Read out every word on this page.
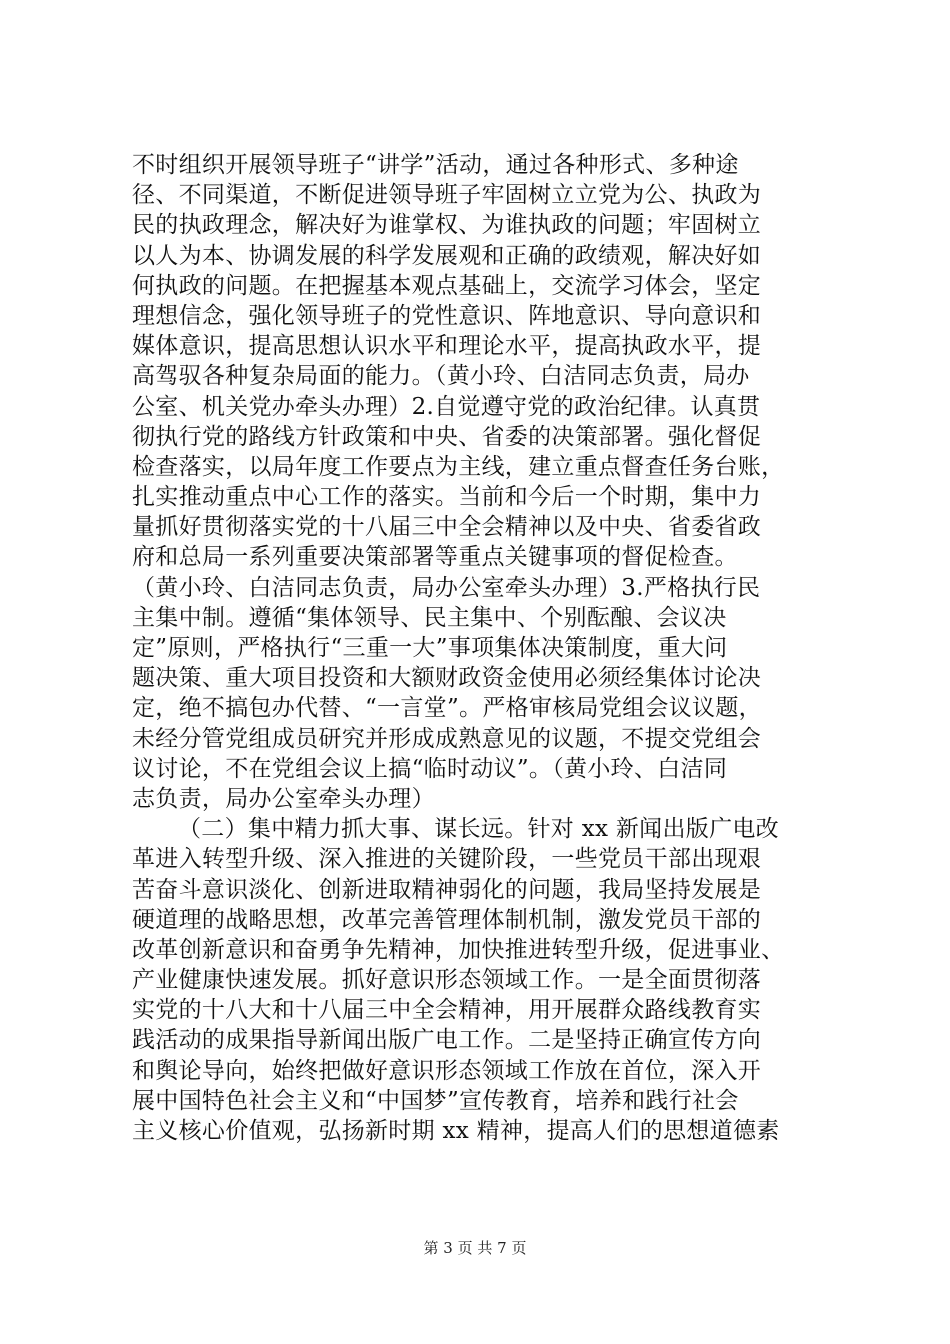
不时组织开展领导班子“讲学”活动，通过各种形式、多种途
径、不同渠道，不断促进领导班子牢固树立立党为公、执政为
民的执政理念，解决好为谁掌权、为谁执政的问题；牢固树立
以人为本、协调发展的科学发展观和正确的政绩观，解决好如
何执政的问题。在把握基本观点基础上，交流学习体会，坚定
理想信念，强化领导班子的党性意识、阵地意识、导向意识和
媒体意识，提高思想认识水平和理论水平，提高执政水平，提
高驾驭各种复杂局面的能力。（黄小玲、白洁同志负责，局办
公室、机关党办牵头办理）2.自觉遵守党的政治纪律。认真贯
彻执行党的路线方针政策和中央、省委的决策部署。强化督促
检查落实，以局年度工作要点为主线，建立重点督查任务台账，
扎实推动重点中心工作的落实。当前和今后一个时期，集中力
量抓好贯彻落实党的十八届三中全会精神以及中央、省委省政
府和总局一系列重要决策部署等重点关键事项的督促检查。
（黄小玲、白洁同志负责，局办公室牵头办理）3.严格执行民
主集中制。遵循“集体领导、民主集中、个别酝酿、会议决
定”原则，严格执行“三重一大”事项集体决策制度，重大问
题决策、重大项目投资和大额财政资金使用必须经集体讨论决
定，绝不搞包办代替、“一言堂”。严格审核局党组会议议题，
未经分管党组成员研究并形成成熟意见的议题，不提交党组会
议讨论，不在党组会议上搞“临时动议”。（黄小玲、白洁同
志负责，局办公室牵头办理）
（二）集中精力抓大事、谋长远。针对 xx 新闻出版广电改
革进入转型升级、深入推进的关键阶段，一些党员干部出现艰
苦奋斗意识淡化、创新进取精神弱化的问题，我局坚持发展是
硬道理的战略思想，改革完善管理体制机制，激发党员干部的
改革创新意识和奋勇争先精神，加快推进转型升级，促进事业、
产业健康快速发展。抓好意识形态领域工作。一是全面贯彻落
实党的十八大和十八届三中全会精神，用开展群众路线教育实
践活动的成果指导新闻出版广电工作。二是坚持正确宣传方向
和舆论导向，始终把做好意识形态领域工作放在首位，深入开
展中国特色社会主义和“中国梦”宣传教育，培养和践行社会
主义核心价值观，弘扬新时期 xx 精神，提高人们的思想道德素
第 3 页 共 7 页
